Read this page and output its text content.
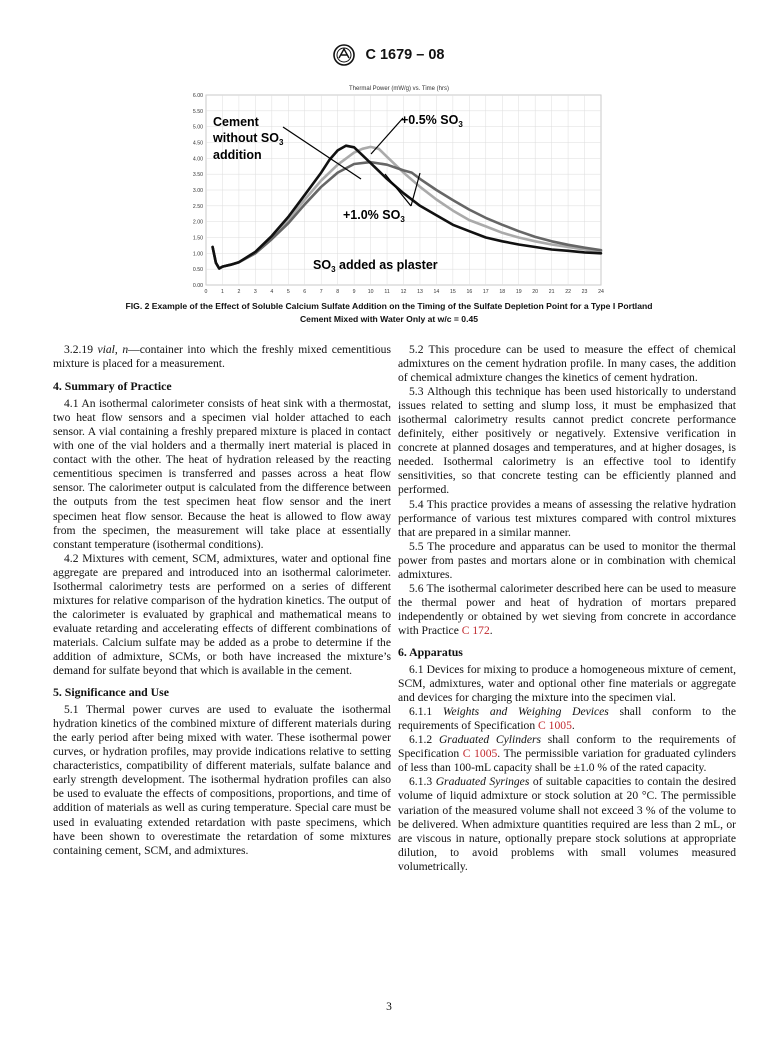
C 1679 – 08
Thermal Power (mW/g) vs. Time (hrs)
0.00
0.50
1.00
1.50
2.00
2.50
3.00
3.50
4.00
4.50
5.00
5.50
6.00
0	1	2	3	4	5	6	7	8	9 10 11 12 13 14 15 16 17 18 19 20 21 22 23 24
Cement
without $SO_3$
addition
+0.5% $SO_3$
+1.0% $SO_3$
$SO_3$ added as plaster
FIG. 2 Example of the Effect of Soluble Calcium Sulfate Addition on the Timing of the Sulfate Depletion Point for a Type I Portland
Cement Mixed with Water Only at w/c = 0.45

3.2.19 vial, n—container into which the freshly mixed cementitious mixture is placed for a measurement.

4. Summary of Practice

4.1 An isothermal calorimeter consists of heat sink with a thermostat, two heat flow sensors and a specimen vial holder attached to each sensor. A vial containing a freshly prepared mixture is placed in contact with one of the vial holders and a thermally inert material is placed in contact with the other. The heat of hydration released by the reacting cementitious specimen is transferred and passes across a heat flow sensor. The calorimeter output is calculated from the difference between the outputs from the test specimen heat flow sensor and the inert specimen heat flow sensor. Because the heat is allowed to flow away from the specimen, the measurement will take place at essentially constant temperature (isothermal conditions).

4.2 Mixtures with cement, SCM, admixtures, water and optional fine aggregate are prepared and introduced into an isothermal calorimeter. Isothermal calorimetry tests are performed on a series of different mixtures for relative comparison of the hydration kinetics. The output of the calorimeter is evaluated by graphical and mathematical means to evaluate retarding and accelerating effects of different combinations of materials. Calcium sulfate may be added as a probe to determine if the addition of admixture, SCMs, or both have increased the mixture’s demand for sulfate beyond that which is available in the cement.

5. Significance and Use

5.1 Thermal power curves are used to evaluate the isothermal hydration kinetics of the combined mixture of different materials during the early period after being mixed with water. These isothermal power curves, or hydration profiles, may provide indications relative to setting characteristics, compatibility of different materials, sulfate balance and early strength development. The isothermal hydration profiles can also be used to evaluate the effects of compositions, proportions, and time of addition of materials as well as curing temperature. Special care must be used in evaluating extended retardation with paste specimens, which have been shown to overestimate the retardation of some mixtures containing cement, SCM, and admixtures.

5.2 This procedure can be used to measure the effect of chemical admixtures on the cement hydration profile. In many cases, the addition of chemical admixture changes the kinetics of cement hydration.

5.3 Although this technique has been used historically to understand issues related to setting and slump loss, it must be emphasized that isothermal calorimetry results cannot predict concrete performance definitely, either positively or negatively. Extensive verification in concrete at planned dosages and temperatures, and at higher dosages, is needed. Isothermal calorimetry is an effective tool to identify sensitivities, so that concrete testing can be efficiently planned and performed.

5.4 This practice provides a means of assessing the relative hydration performance of various test mixtures compared with control mixtures that are prepared in a similar manner.

5.5 The procedure and apparatus can be used to monitor the thermal power from pastes and mortars alone or in combination with chemical admixtures.

5.6 The isothermal calorimeter described here can be used to measure the thermal power and heat of hydration of mortars prepared independently or obtained by wet sieving from concrete in accordance with Practice C 172.

6. Apparatus

6.1 Devices for mixing to produce a homogeneous mixture of cement, SCM, admixtures, water and optional other fine materials or aggregate and devices for charging the mixture into the specimen vial.

6.1.1 Weights and Weighing Devices shall conform to the requirements of Specification C 1005.

6.1.2 Graduated Cylinders shall conform to the requirements of Specification C 1005. The permissible variation for graduated cylinders of less than 100-mL capacity shall be ±1.0 % of the rated capacity.

6.1.3 Graduated Syringes of suitable capacities to contain the desired volume of liquid admixture or stock solution at 20 °C. The permissible variation of the measured volume shall not exceed 3 % of the volume to be delivered. When admixture quantities required are less than 2 mL, or are viscous in nature, optionally prepare stock solutions at appropriate dilution, to avoid problems with small volumes measured volumetrically.

3
